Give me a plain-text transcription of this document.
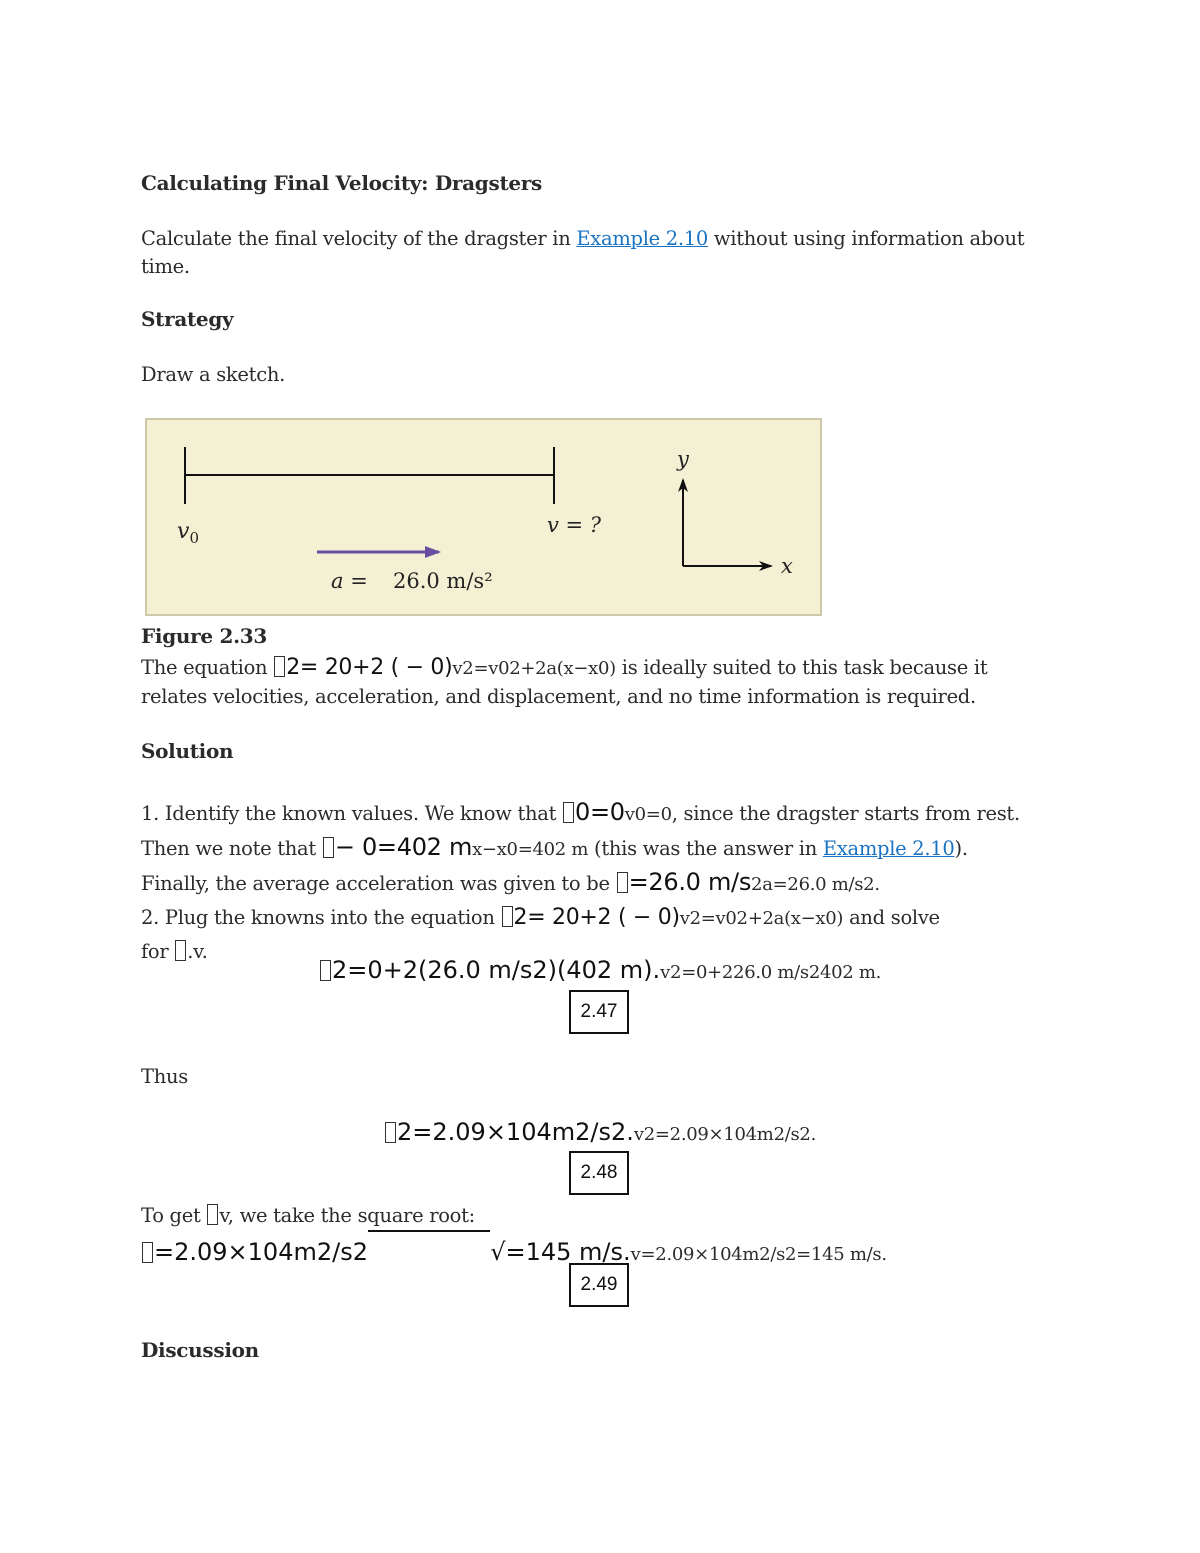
Calculating Final Velocity: Dragsters
Calculate the final velocity of the dragster in Example 2.10 without using information about
time.
Strategy
Draw a sketch.
$v_0$
v = ?
a = 26.0 m/s²
y
x
Figure 2.33
The equation 2= 20+2 ( − 0)v2=v02+2a(x−x0) is ideally suited to this task because it
relates velocities, acceleration, and displacement, and no time information is required.
Solution
1. Identify the known values. We know that 0=0v0=0, since the dragster starts from rest.
Then we note that − 0=402 mx−x0=402 m (this was the answer in Example 2.10).
Finally, the average acceleration was given to be =26.0 m/s2a=26.0 m/s2.
2. Plug the knowns into the equation 2= 20+2 ( − 0)v2=v02+2a(x−x0) and solve
for .v.
2=0+2(26.0 m/s2)(402 m).v2=0+226.0 m/s2402 m.
2.47
Thus
2=2.09×104m2/s2.v2=2.09×104m2/s2.
2.48
To get v, we take the square root:
=2.09×104m2/s2	√=145 m/s.v=2.09×104m2/s2=145 m/s.
2.49
Discussion
